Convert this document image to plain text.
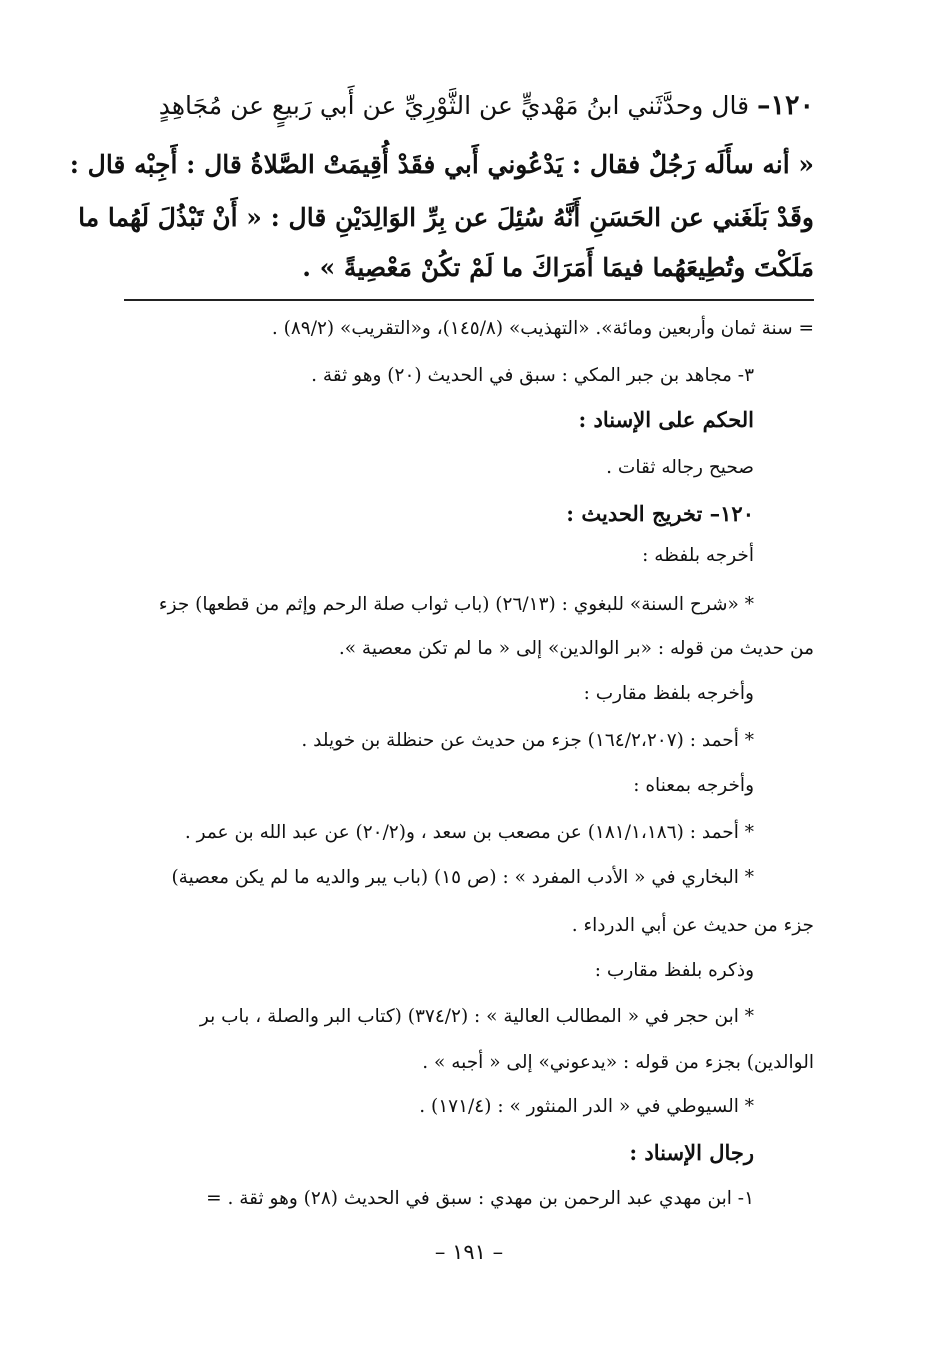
١٢٠– قال وحدَّثَني ابنُ مَهْديٍّ عن الثَّوْرِيِّ عن أَبي رَبيعٍ عن مُجَاهِدٍ
« أنه سأَلَه رَجُلٌ فقال : يَدْعُوني أَبي فقَدْ أُقِيمَتْ الصَّلاةُ قال : أَجِبْه قال :
وقَدْ بَلَغَني عن الحَسَنِ أَنَّهُ سُئِلَ عن بِرِّ الوَالِدَيْنِ قال : « أَنْ تَبْذُلَ لَهُما ما
مَلَكْتَ وتُطِيعَهُما فيمَا أَمَرَاكَ ما لَمْ تكُنْ مَعْصِيةً » .
= سنة ثمان وأربعين ومائة». «التهذيب» (١٤٥/٨)، و«التقريب» (٨٩/٢) .
٣- مجاهد بن جبر المكي : سبق في الحديث (٢٠) وهو ثقة .
الحكم على الإسناد :
صحيح رجاله ثقات .
١٢٠– تخريج الحديث :
أخرجه بلفظه :
* «شرح السنة» للبغوي : (٢٦/١٣) (باب ثواب صلة الرحم وإثم من قطعها) جزء
من حديث من قوله : «بر الوالدين» إلى « ما لم تكن معصية ».
وأخرجه بلفظ مقارب :
* أحمد : (١٦٤/٢،٢٠٧) جزء من حديث عن حنظلة بن خويلد .
وأخرجه بمعناه :
* أحمد : (١٨١/١،١٨٦) عن مصعب بن سعد ، و(٢٠/٢) عن عبد الله بن عمر .
* البخاري في « الأدب المفرد » : (ص ١٥) (باب يبر والديه ما لم يكن معصية)
جزء من حديث عن أبي الدرداء .
وذكره بلفظ مقارب :
* ابن حجر في « المطالب العالية » : (٣٧٤/٢) (كتاب البر والصلة ، باب بر
الوالدين) بجزء من قوله : «يدعوني» إلى « أجبه » .
* السيوطي في « الدر المنثور » : (١٧١/٤) .
رجال الإسناد :
١- ابن مهدي عبد الرحمن بن مهدي : سبق في الحديث (٢٨) وهو ثقة . =
– ١٩١ –
